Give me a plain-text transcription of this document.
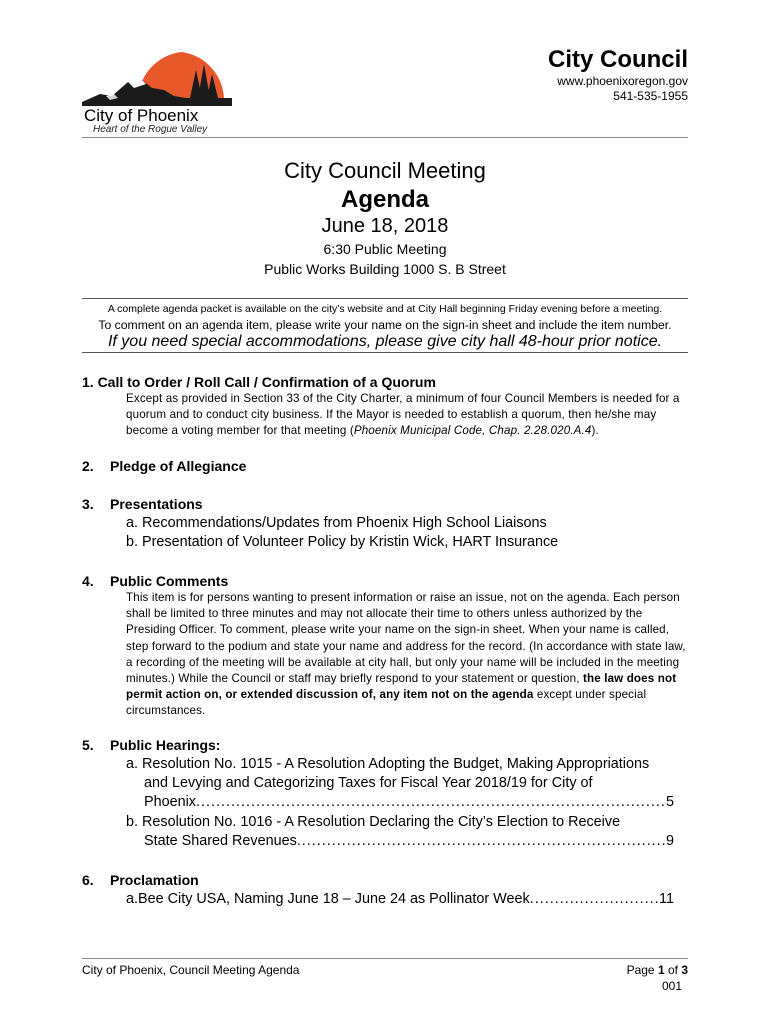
City of Phoenix
Heart of the Rogue Valley
City Council
www.phoenixoregon.gov
541-535-1955
City Council Meeting
Agenda
June 18, 2018
6:30 Public Meeting
Public Works Building 1000 S. B Street
A complete agenda packet is available on the city’s website and at City Hall beginning Friday evening before a meeting.
To comment on an agenda item, please write your name on the sign-in sheet and include the item number.
If you need special accommodations, please give city hall 48-hour prior notice.
1. Call to Order / Roll Call / Confirmation of a Quorum
Except as provided in Section 33 of the City Charter, a minimum of four Council Members is needed for a quorum and to conduct city business. If the Mayor is needed to establish a quorum, then he/she may become a voting member for that meeting (Phoenix Municipal Code, Chap. 2.28.020.A.4).
2. Pledge of Allegiance
3. Presentations
a. Recommendations/Updates from Phoenix High School Liaisons
b. Presentation of Volunteer Policy by Kristin Wick, HART Insurance
4. Public Comments
This item is for persons wanting to present information or raise an issue, not on the agenda. Each person shall be limited to three minutes and may not allocate their time to others unless authorized by the Presiding Officer. To comment, please write your name on the sign-in sheet. When your name is called, step forward to the podium and state your name and address for the record. (In accordance with state law, a recording of the meeting will be available at city hall, but only your name will be included in the meeting minutes.) While the Council or staff may briefly respond to your statement or question, the law does not permit action on, or extended discussion of, any item not on the agenda except under special circumstances.
5. Public Hearings:
a. Resolution No. 1015 - A Resolution Adopting the Budget, Making Appropriations
and Levying and Categorizing Taxes for Fiscal Year 2018/19 for City of
Phoenix .....	5
b. Resolution No. 1016 - A Resolution Declaring the City’s Election to Receive
State Shared Revenues .....	9
6. Proclamation
a.Bee City USA, Naming June 18 – June 24 as Pollinator Week .....	11
City of Phoenix, Council Meeting Agenda	Page 1 of 3
001
